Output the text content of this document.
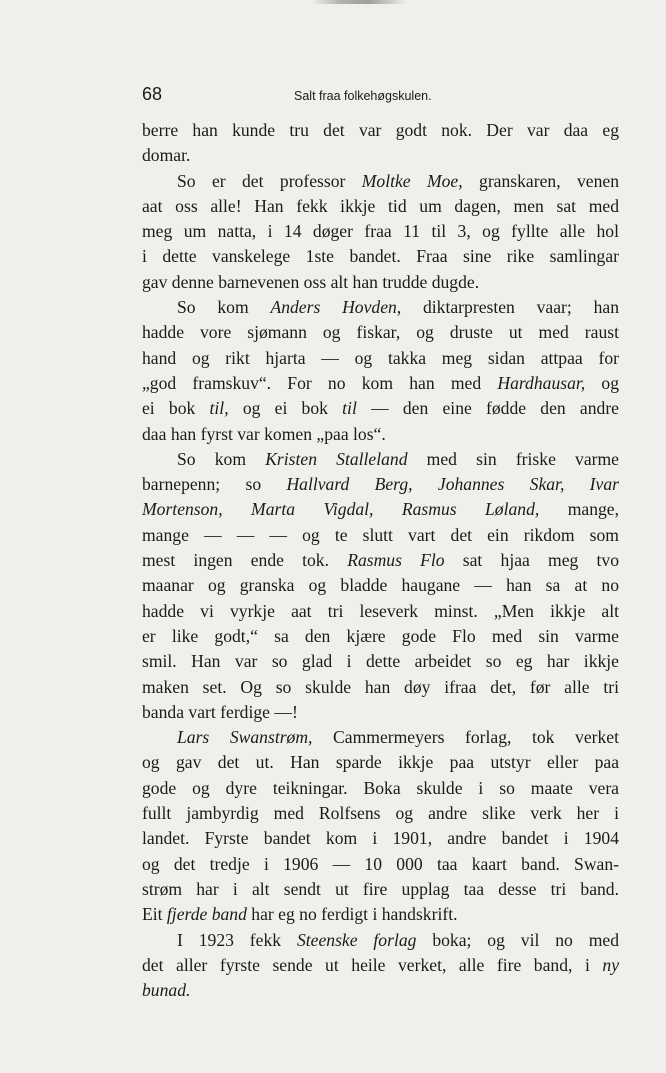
68	Salt fraa folkehøgskulen.

berre han kunde tru det var godt nok. Der var daa eg
domar.

So er det professor Moltke Moe, granskaren, venen
aat oss alle! Han fekk ikkje tid um dagen, men sat med
meg um natta, i 14 døger fraa 11 til 3, og fyllte alle hol
i dette vanskelege 1ste bandet. Fraa sine rike samlingar
gav denne barnevenen oss alt han trudde dugde.

So kom Anders Hovden, diktarpresten vaar; han
hadde vore sjømann og fiskar, og druste ut med raust
hand og rikt hjarta — og takka meg sidan attpaa for
„god framskuv“. For no kom han med Hardhausar, og
ei bok til, og ei bok til — den eine fødde den andre
daa han fyrst var komen „paa los“.

So kom Kristen Stalleland med sin friske varme
barnepenn; so Hallvard Berg, Johannes Skar, Ivar
Mortenson, Marta Vigdal, Rasmus Løland, mange,
mange — — — og te slutt vart det ein rikdom som
mest ingen ende tok. Rasmus Flo sat hjaa meg tvo
maanar og granska og bladde haugane — han sa at no
hadde vi vyrkje aat tri leseverk minst. „Men ikkje alt
er like godt,“ sa den kjære gode Flo med sin varme
smil. Han var so glad i dette arbeidet so eg har ikkje
maken set. Og so skulde han døy ifraa det, før alle tri
banda vart ferdige —!

Lars Swanstrøm, Cammermeyers forlag, tok verket
og gav det ut. Han sparde ikkje paa utstyr eller paa
gode og dyre teikningar. Boka skulde i so maate vera
fullt jambyrdig med Rolfsens og andre slike verk her i
landet. Fyrste bandet kom i 1901, andre bandet i 1904
og det tredje i 1906 — 10 000 taa kaart band. Swan-
strøm har i alt sendt ut fire upplag taa desse tri band.
Eit fjerde band har eg no ferdigt i handskrift.

I 1923 fekk Steenske forlag boka; og vil no med
det aller fyrste sende ut heile verket, alle fire band, i ny
bunad.
